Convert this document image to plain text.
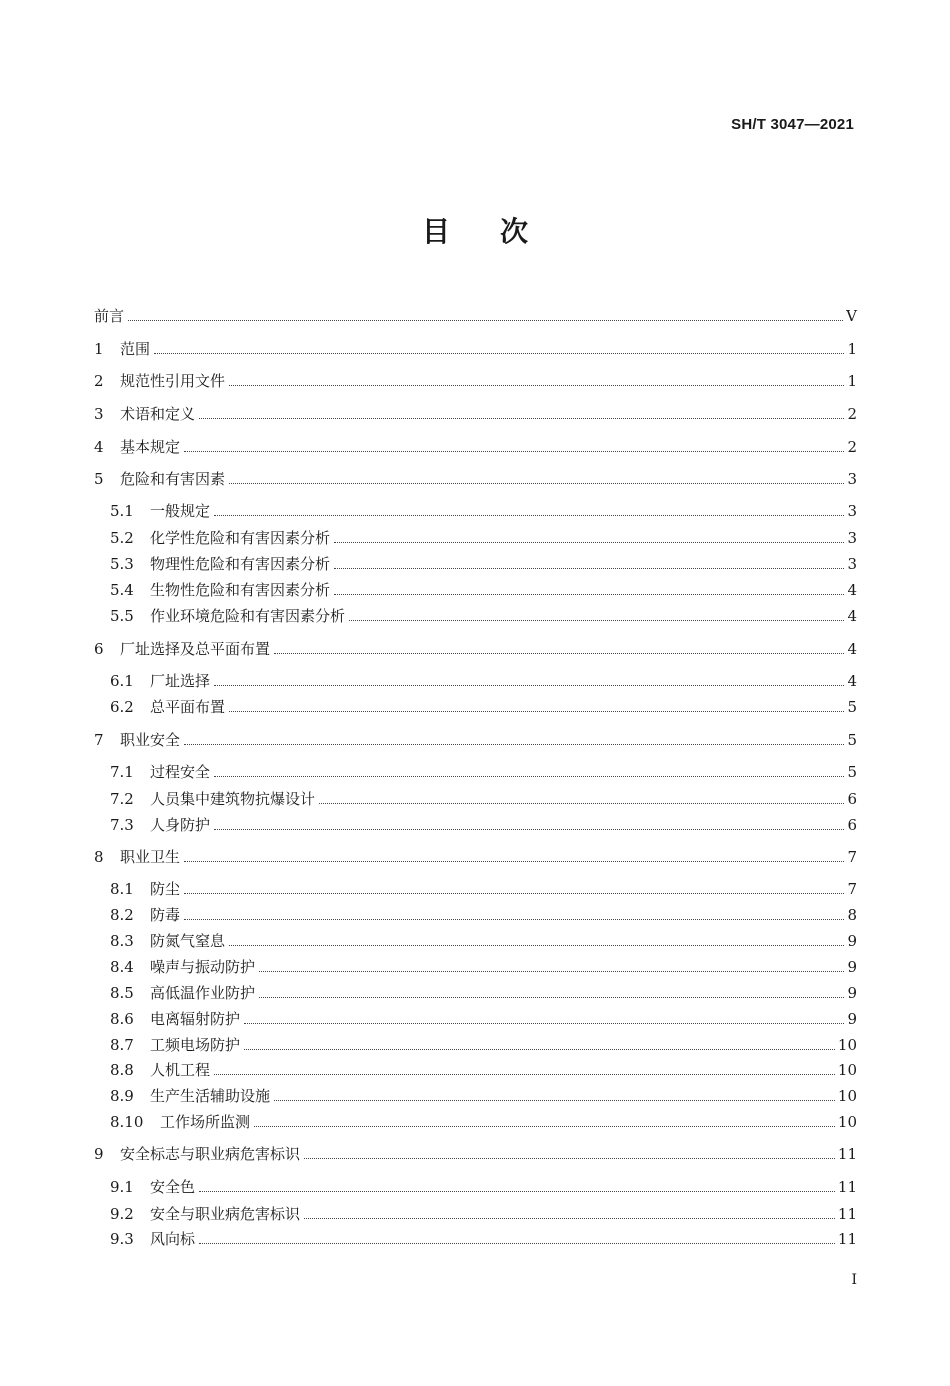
SH/T 3047—2021
目 次
前言	V
1	范围	1
2	规范性引用文件	1
3	术语和定义	2
4	基本规定	2
5	危险和有害因素	3
5.1	一般规定	3
5.2	化学性危险和有害因素分析	3
5.3	物理性危险和有害因素分析	3
5.4	生物性危险和有害因素分析	4
5.5	作业环境危险和有害因素分析	4
6	厂址选择及总平面布置	4
6.1	厂址选择	4
6.2	总平面布置	5
7	职业安全	5
7.1	过程安全	5
7.2	人员集中建筑物抗爆设计	6
7.3	人身防护	6
8	职业卫生	7
8.1	防尘	7
8.2	防毒	8
8.3	防氮气窒息	9
8.4	噪声与振动防护	9
8.5	高低温作业防护	9
8.6	电离辐射防护	9
8.7	工频电场防护	10
8.8	人机工程	10
8.9	生产生活辅助设施	10
8.10	工作场所监测	10
9	安全标志与职业病危害标识	11
9.1	安全色	11
9.2	安全与职业病危害标识	11
9.3	风向标	11
I
